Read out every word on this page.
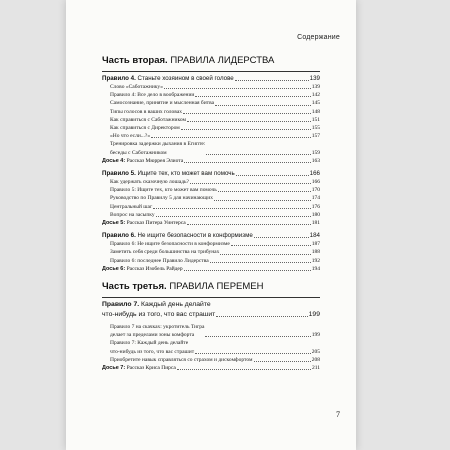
Содержание
Часть вторая. ПРАВИЛА ЛИДЕРСТВА
Правило 4. Станьте хозяином в своей голове	139
Слово «Саботажнику»	139
Правило 4: Все дело в воображении	142
Самосознание, принятие и мысленная битва	145
Типы голосов в ваших головах	148
Как справиться с Саботажником	151
Как справиться с Директором	155
«Но что если...?»	157
Тренировка задержки дыхания в Египте:
беседы с Саботажником	159
Досье 4: Рассказ Мюррея Элиота	163
Правило 5. Ищите тех, кто может вам помочь	166
Как удержать сказочную лошадь?	166
Правило 5: Ищите тех, кто может вам помочь	170
Руководство по Правилу 5 для начинающих	174
Центральный шаг	176
Вопрос на засыпку	180
Досье 5: Рассказ Питера Уинтерса	181
Правило 6. Не ищите безопасности в конформизме	184
Правило 6: Не ищите безопасности в конформизме	187
Заметить себя среди большинства на трибунах	188
Правило 6: последнее Правило Лидерства	192
Досье 6: Рассказ Изобель Райдер	194
Часть третья. ПРАВИЛА ПЕРЕМЕН
Правило 7. Каждый день делайте
что-нибудь из того, что вас страшит	199
Правило 7 на скачках: укротитель Тигра
делает за пределами зоны комфорта	199
Правило 7: Каждый день делайте
что-нибудь из того, что вас страшит	205
Приобретите навык справляться со страхом и дискомфортом	208
Досье 7: Рассказ Криса Пирса	211
7
